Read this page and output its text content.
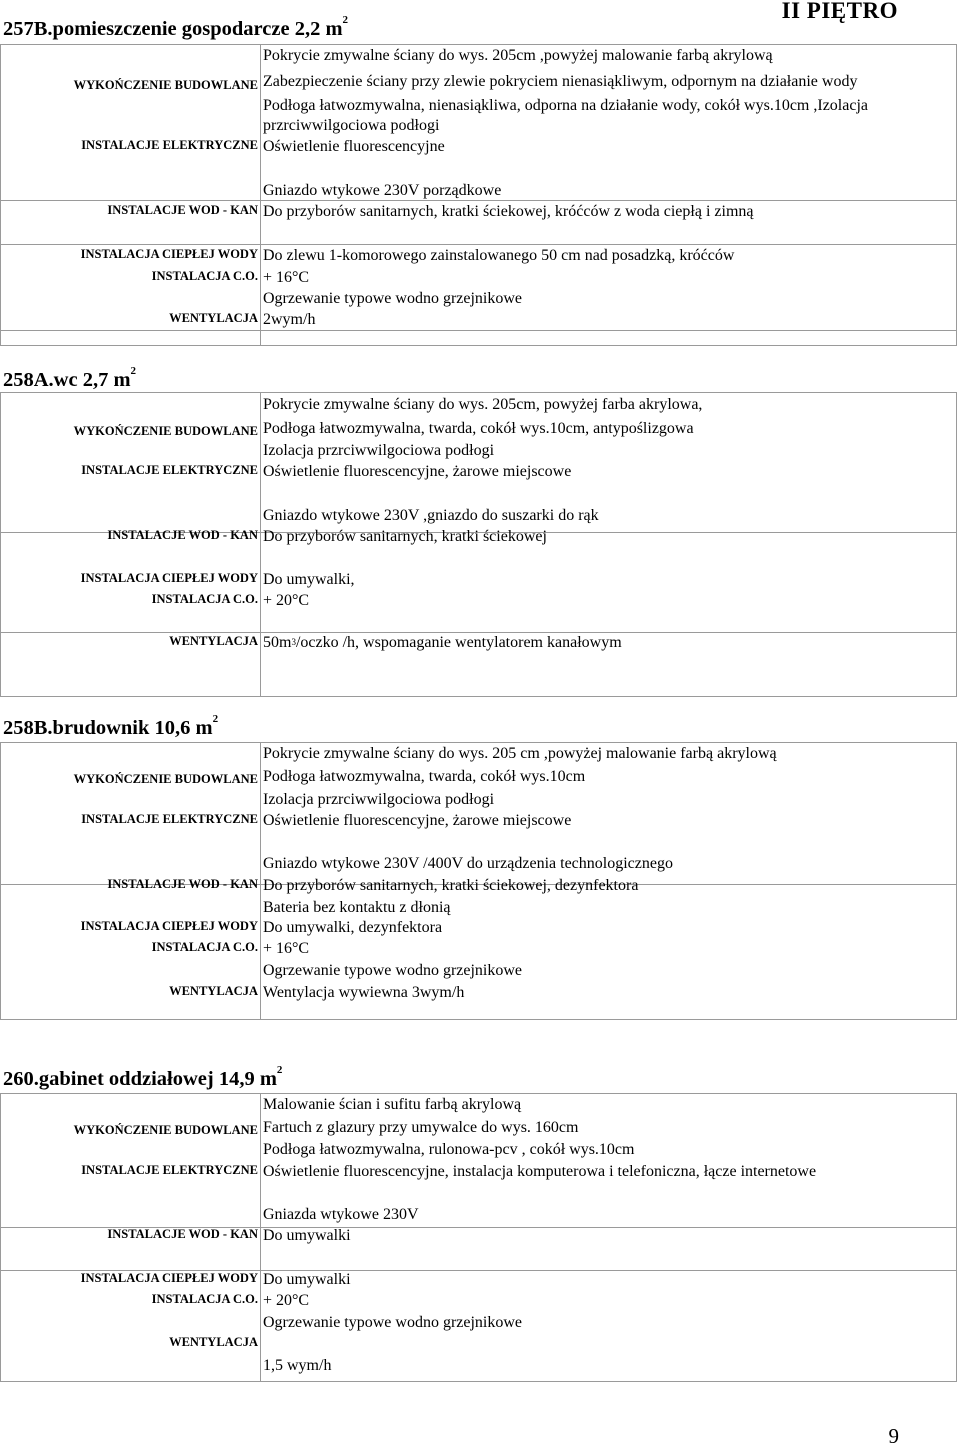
II PIĘTRO
257B.pomieszczenie gospodarcze 2,2 $m^2$
WYKOŃCZENIE BUDOWLANE
Pokrycie zmywalne ściany do wys. 205cm ,powyżej malowanie farbą akrylową
Zabezpieczenie ściany przy zlewie pokryciem nienasiąkliwym, odpornym na działanie wody
Podłoga łatwozmywalna, nienasiąkliwa, odporna na działanie wody, cokół wys.10cm ,Izolacja
przrciwwilgociowa podłogi
INSTALACJE ELEKTRYCZNE Oświetlenie fluorescencyjne
Gniazdo wtykowe 230V porządkowe
INSTALACJE WOD - KAN Do przyborów sanitarnych, kratki ściekowej, króćców z woda ciepłą i zimną
INSTALACJA CIEPŁEJ WODY Do zlewu 1-komorowego zainstalowanego 50 cm nad posadzką, króćców
INSTALACJA C.O. + 16°C
Ogrzewanie typowe wodno grzejnikowe
WENTYLACJA 2wym/h
258A.wc 2,7 $m^2$
WYKOŃCZENIE BUDOWLANE
Pokrycie zmywalne ściany do wys. 205cm, powyżej farba akrylowa,
Podłoga łatwozmywalna, twarda, cokół wys.10cm, antypoślizgowa
Izolacja przrciwwilgociowa podłogi
INSTALACJE ELEKTRYCZNE Oświetlenie fluorescencyjne, żarowe miejscowe
Gniazdo wtykowe 230V ,gniazdo do suszarki do rąk
INSTALACJE WOD - KAN Do przyborów sanitarnych, kratki ściekowej
INSTALACJA CIEPŁEJ WODY Do umywalki,
INSTALACJA C.O. + 20°C
WENTYLACJA $50m^3$/oczko /h, wspomaganie wentylatorem kanałowym
258B.brudownik 10,6 $m^2$
WYKOŃCZENIE BUDOWLANE
Pokrycie zmywalne ściany do wys. 205 cm ,powyżej malowanie farbą akrylową
Podłoga łatwozmywalna, twarda, cokół wys.10cm
Izolacja przrciwwilgociowa podłogi
INSTALACJE ELEKTRYCZNE Oświetlenie fluorescencyjne, żarowe miejscowe
Gniazdo wtykowe 230V /400V do urządzenia technologicznego
INSTALACJE WOD - KAN Do przyborów sanitarnych, kratki ściekowej, dezynfektora
Bateria bez kontaktu z dłonią
INSTALACJA CIEPŁEJ WODY Do umywalki, dezynfektora
INSTALACJA C.O. + 16°C
Ogrzewanie typowe wodno grzejnikowe
WENTYLACJA Wentylacja wywiewna 3wym/h
260.gabinet oddziałowej 14,9 $m^2$
WYKOŃCZENIE BUDOWLANE
Malowanie ścian i sufitu farbą akrylową
Fartuch z glazury przy umywalce do wys. 160cm
Podłoga łatwozmywalna, rulonowa-pcv , cokół wys.10cm
INSTALACJE ELEKTRYCZNE Oświetlenie fluorescencyjne, instalacja komputerowa i telefoniczna, łącze internetowe
Gniazda wtykowe 230V
INSTALACJE WOD - KAN Do umywalki
INSTALACJA CIEPŁEJ WODY Do umywalki
INSTALACJA C.O. + 20°C
Ogrzewanie typowe wodno grzejnikowe
WENTYLACJA
1,5 wym/h
9
